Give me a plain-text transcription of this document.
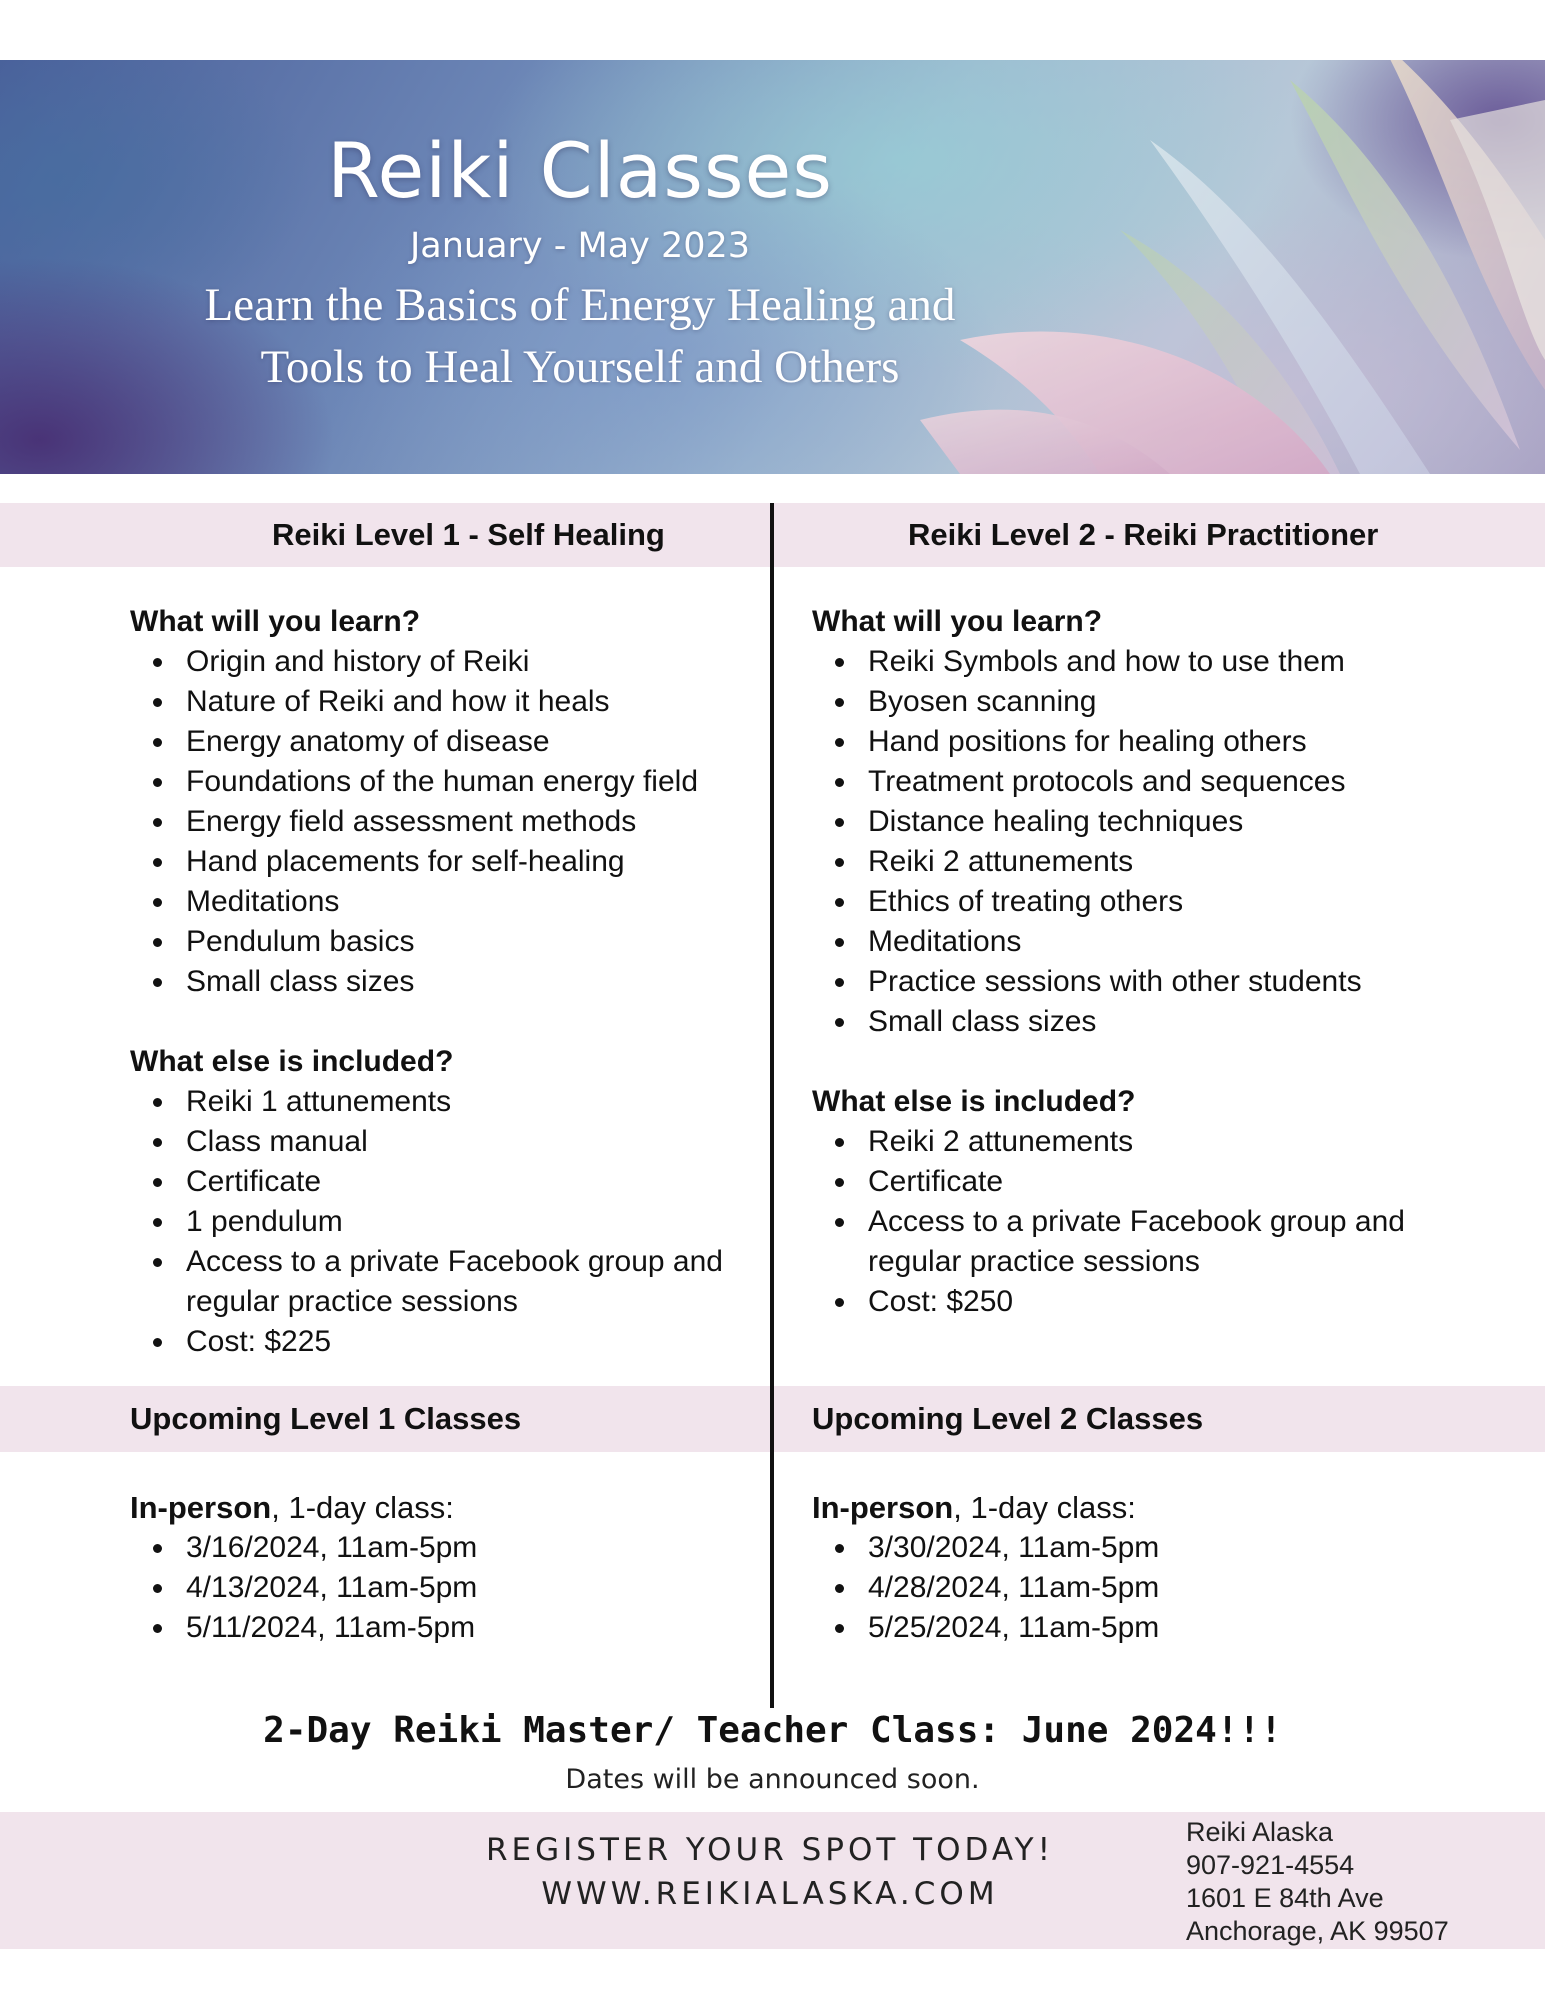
Reiki Classes
January - May 2023
Learn the Basics of Energy Healing and
Tools to Heal Yourself and Others
Reiki Level 1 - Self Healing	Reiki Level 2 - Reiki Practitioner
What will you learn?
Origin and history of Reiki
Nature of Reiki and how it heals
Energy anatomy of disease
Foundations of the human energy field
Energy field assessment methods
Hand placements for self-healing
Meditations
Pendulum basics
Small class sizes
What else is included?
Reiki 1 attunements
Class manual
Certificate
1 pendulum
Access to a private Facebook group and regular practice sessions
Cost: $225
What will you learn?
Reiki Symbols and how to use them
Byosen scanning
Hand positions for healing others
Treatment protocols and sequences
Distance healing techniques
Reiki 2 attunements
Ethics of treating others
Meditations
Practice sessions with other students
Small class sizes
What else is included?
Reiki 2 attunements
Certificate
Access to a private Facebook group and regular practice sessions
Cost: $250
Upcoming Level 1 Classes	Upcoming Level 2 Classes
In-person, 1-day class:
3/16/2024, 11am-5pm
4/13/2024, 11am-5pm
5/11/2024, 11am-5pm
In-person, 1-day class:
3/30/2024, 11am-5pm
4/28/2024, 11am-5pm
5/25/2024, 11am-5pm
2-Day Reiki Master/ Teacher Class: June 2024!!!
Dates will be announced soon.
REGISTER YOUR SPOT TODAY!
WWW.REIKIALASKA.COM
Reiki Alaska
907-921-4554
1601 E 84th Ave
Anchorage, AK 99507
